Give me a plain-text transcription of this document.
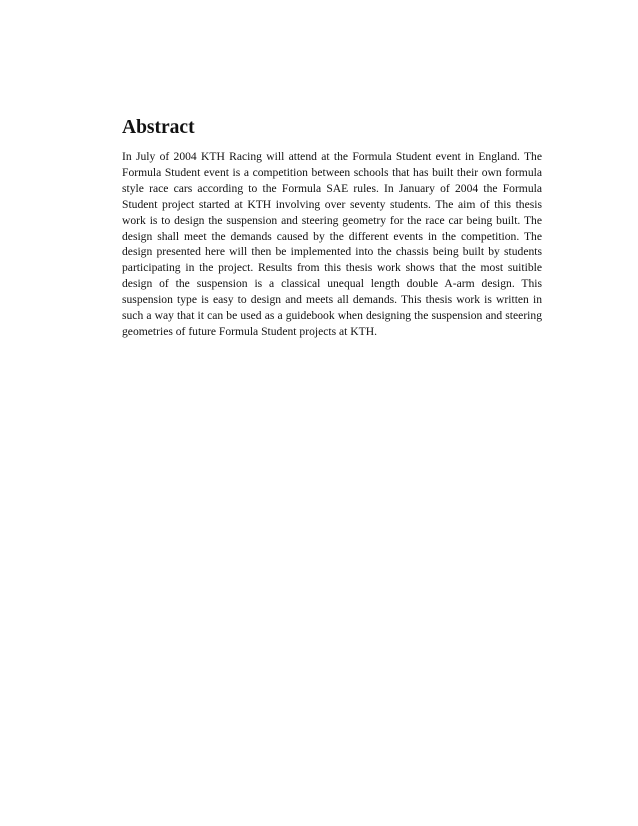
Abstract

In July of 2004 KTH Racing will attend at the Formula Student event in England. The Formula Student event is a competition between schools that has built their own formula style race cars according to the Formula SAE rules. In January of 2004 the Formula Student project started at KTH involving over seventy students. The aim of this thesis work is to design the suspension and steering geometry for the race car being built. The design shall meet the demands caused by the different events in the competition. The design presented here will then be implemented into the chassis being built by students participating in the project. Results from this thesis work shows that the most suitible design of the suspension is a classical unequal length double A-arm design. This suspension type is easy to design and meets all demands. This thesis work is written in such a way that it can be used as a guidebook when designing the suspension and steering geometries of future Formula Student projects at KTH.
